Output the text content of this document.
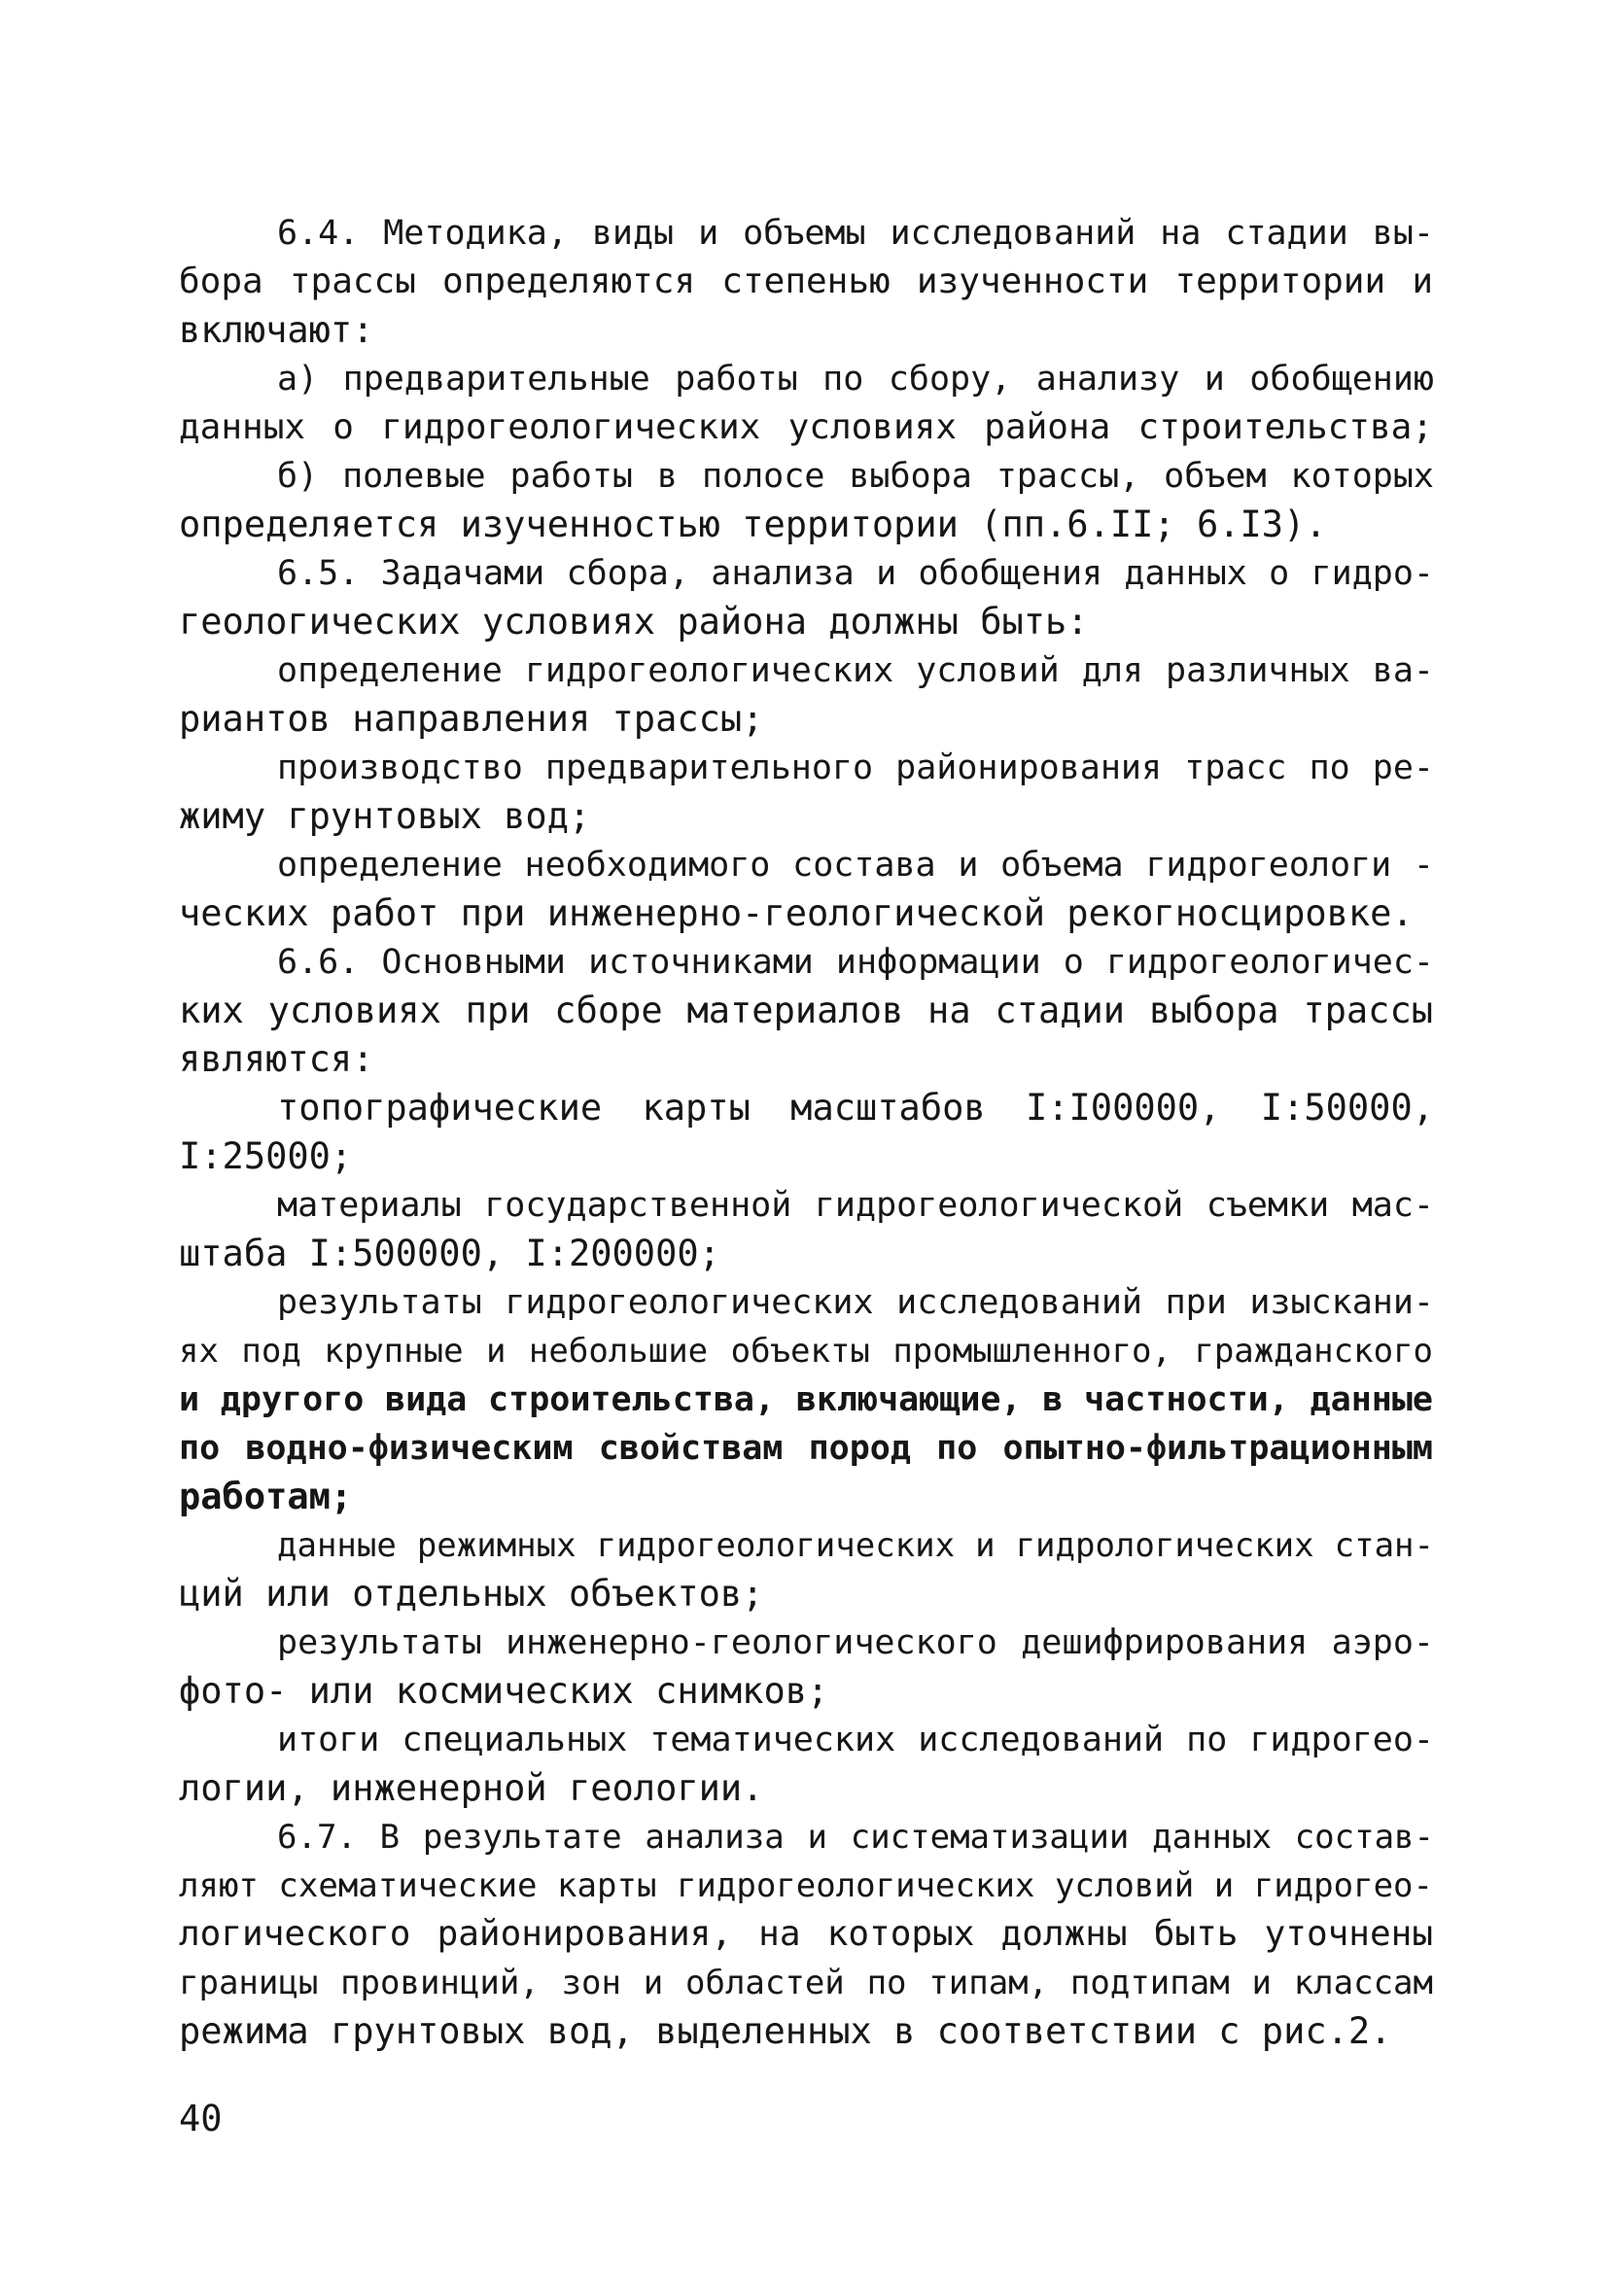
6.4. Методика, виды и объемы исследований на стадии вы-
бора трассы определяются степенью изученности территории и
включают:
а) предварительные работы по сбору, анализу и обобщению
данных о гидрогеологических условиях района строительства;
б) полевые работы в полосе выбора трассы, объем которых
определяется изученностью территории (пп.6.II; 6.I3).
6.5. Задачами сбора, анализа и обобщения данных о гидро-
геологических условиях района должны быть:
определение гидрогеологических условий для различных ва-
риантов направления трассы;
производство предварительного районирования трасс по ре-
жиму грунтовых вод;
определение необходимого состава и объема гидрогеологи -
ческих работ при инженерно-геологической рекогносцировке.
6.6. Основными источниками информации о гидрогеологичес-
ких условиях при сборе материалов на стадии выбора трассы
являются:
топографические карты масштабов I:I00000, I:50000,
I:25000;
материалы государственной гидрогеологической съемки мас-
штаба I:500000, I:200000;
результаты гидрогеологических исследований при изыскани-
ях под крупные и небольшие объекты промышленного, гражданского
и другого вида строительства, включающие, в частности, данные
по водно-физическим свойствам пород по опытно-фильтрационным
работам;
данные режимных гидрогеологических и гидрологических стан-
ций или отдельных объектов;
результаты инженерно-геологического дешифрирования аэро-
фото- или космических снимков;
итоги специальных тематических исследований по гидрогео-
логии, инженерной геологии.
6.7. В результате анализа и систематизации данных состав-
ляют схематические карты гидрогеологических условий и гидрогео-
логического районирования, на которых должны быть уточнены
границы провинций, зон и областей по типам, подтипам и классам
режима грунтовых вод, выделенных в соответствии с рис.2.
40
